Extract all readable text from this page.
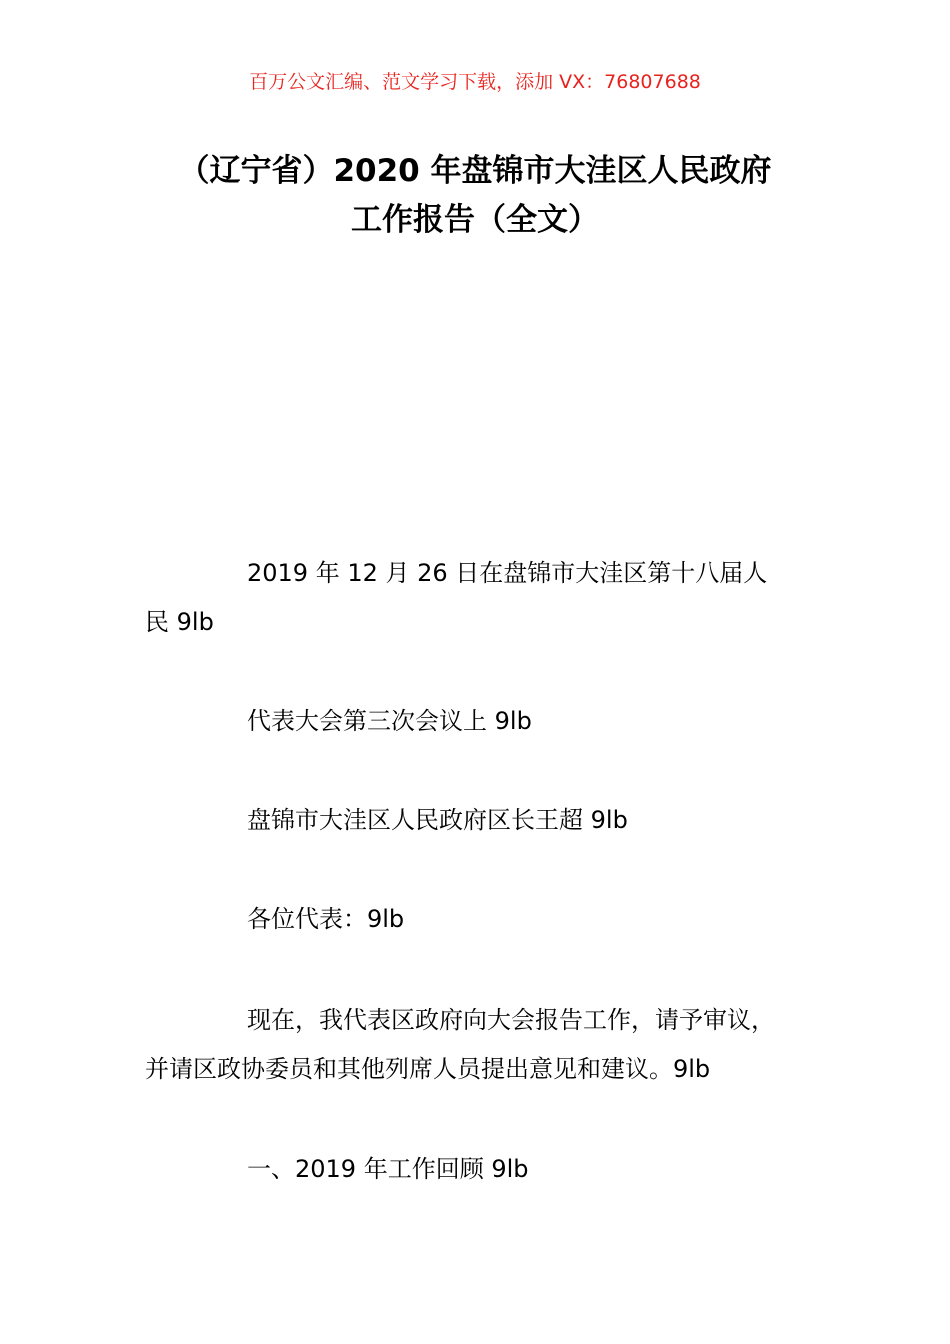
百万公文汇编、范文学习下载，添加 VX：76807688
（辽宁省）2020 年盘锦市大洼区人民政府
工作报告（全文）
2019 年 12 月 26 日在盘锦市大洼区第十八届人
民 9lb
代表大会第三次会议上 9lb
盘锦市大洼区人民政府区长王超 9lb
各位代表：9lb
现在，我代表区政府向大会报告工作，请予审议，
并请区政协委员和其他列席人员提出意见和建议。9lb
一、2019 年工作回顾 9lb
